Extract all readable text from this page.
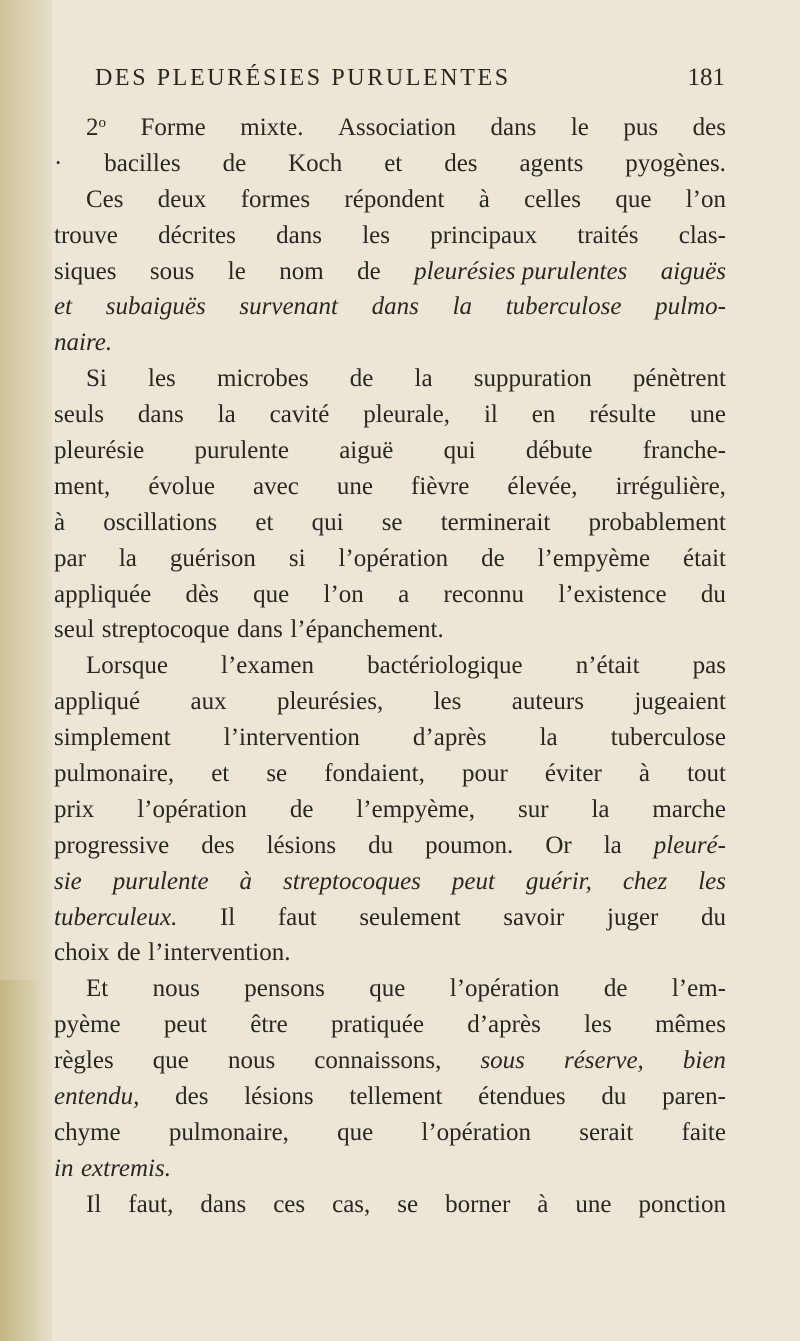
DES PLEURÉSIES PURULENTES	181
2$^o$ Forme mixte. Association dans le pus des
· bacilles de Koch et des agents pyogènes.
Ces deux formes répondent à celles que l’on
trouve décrites dans les principaux traités clas-
siques sous le nom de pleurésies purulentes aiguës
et subaiguës survenant dans la tuberculose pulmo-
naire.
Si les microbes de la suppuration pénètrent
seuls dans la cavité pleurale, il en résulte une
pleurésie purulente aiguë qui débute franche-
ment, évolue avec une fièvre élevée, irrégulière,
à oscillations et qui se terminerait probablement
par la guérison si l’opération de l’empyème était
appliquée dès que l’on a reconnu l’existence du
seul streptocoque dans l’épanchement.
Lorsque l’examen bactériologique n’était pas
appliqué aux pleurésies, les auteurs jugeaient
simplement l’intervention d’après la tuberculose
pulmonaire, et se fondaient, pour éviter à tout
prix l’opération de l’empyème, sur la marche
progressive des lésions du poumon. Or la pleuré-
sie purulente à streptocoques peut guérir, chez les
tuberculeux. Il faut seulement savoir juger du
choix de l’intervention.
Et nous pensons que l’opération de l’em-
pyème peut être pratiquée d’après les mêmes
règles que nous connaissons, sous réserve, bien
entendu, des lésions tellement étendues du paren-
chyme pulmonaire, que l’opération serait faite
in extremis.
Il faut, dans ces cas, se borner à une ponction
